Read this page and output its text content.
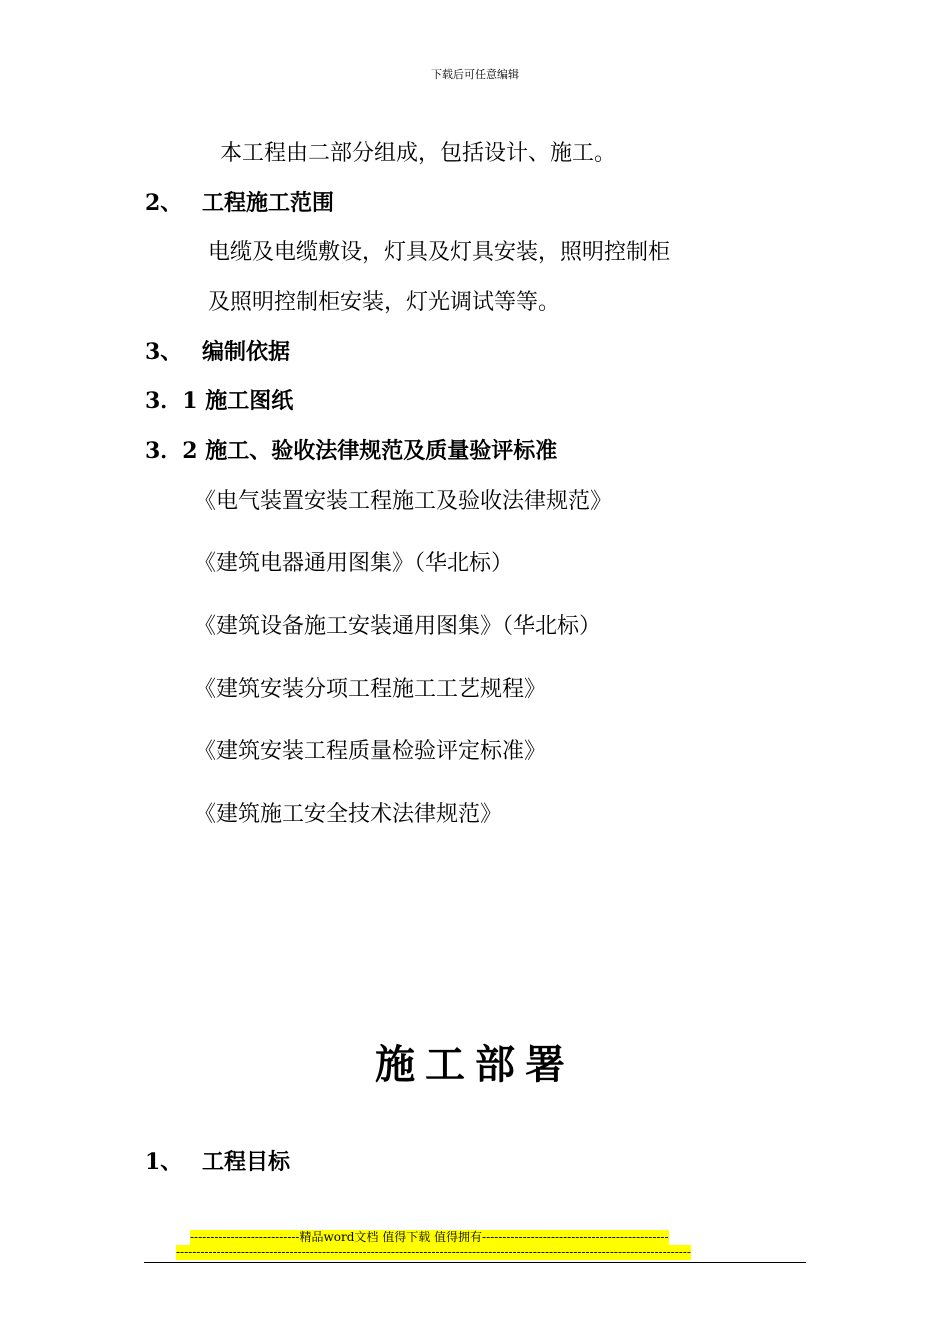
下载后可任意编辑
本工程由二部分组成，包括设计、施工。
2、 工程施工范围
电缆及电缆敷设，灯具及灯具安装，照明控制柜
及照明控制柜安装，灯光调试等等。
3、 编制依据
3．1 施工图纸
3．2 施工、验收法律规范及质量验评标准
《电气装置安装工程施工及验收法律规范》
《建筑电器通用图集》（华北标）
《建筑设备施工安装通用图集》（华北标）
《建筑安装分项工程施工工艺规程》
《建筑安装工程质量检验评定标准》
《建筑施工安全技术法律规范》
施工部署
1、 工程目标
---------------------------精品word文档 值得下载 值得拥有----------------------------------------------
-------------------------------------------------------------------------------------------------------------------------------
